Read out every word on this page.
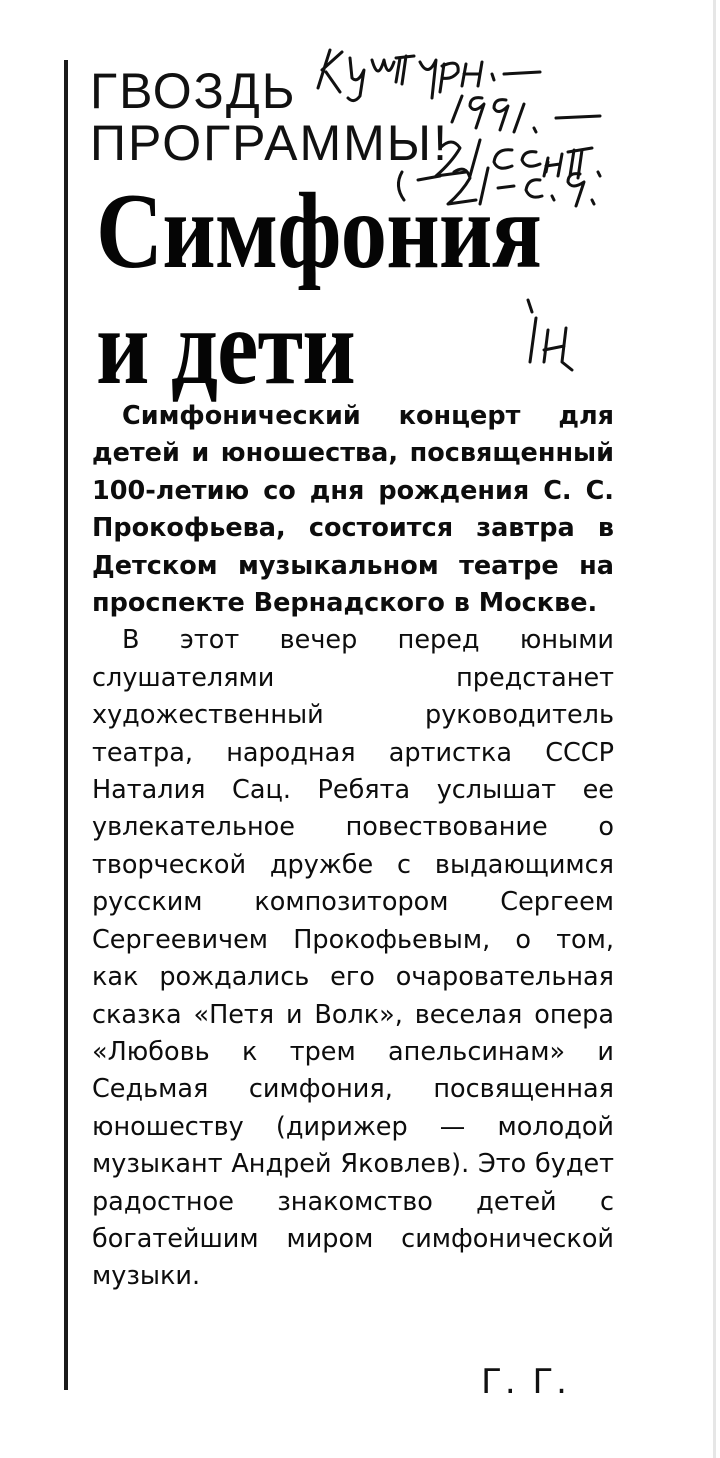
ГВОЗДЬ
ПРОГРАММЫ!
Симфония
и дети

Симфонический концерт для детей и юношества, посвященный 100-летию со дня рождения С. С. Прокофьева, состоится завтра в Детском музыкальном театре на проспекте Вернадского в Москве.

В этот вечер перед юными слушателями предстанет художественный руководитель театра, народная артистка СССР Наталия Сац. Ребята услышат ее увлекательное повествование о творческой дружбе с выдающимся русским композитором Сергеем Сергеевичем Прокофьевым, о том, как рождались его очаровательная сказка «Петя и Волк», веселая опера «Любовь к трем апельсинам» и Седьмая симфония, посвященная юношеству (дирижер — молодой музыкант Андрей Яковлев). Это будет радостное знакомство детей с богатейшим миром симфонической музыки.

Г. Г.
